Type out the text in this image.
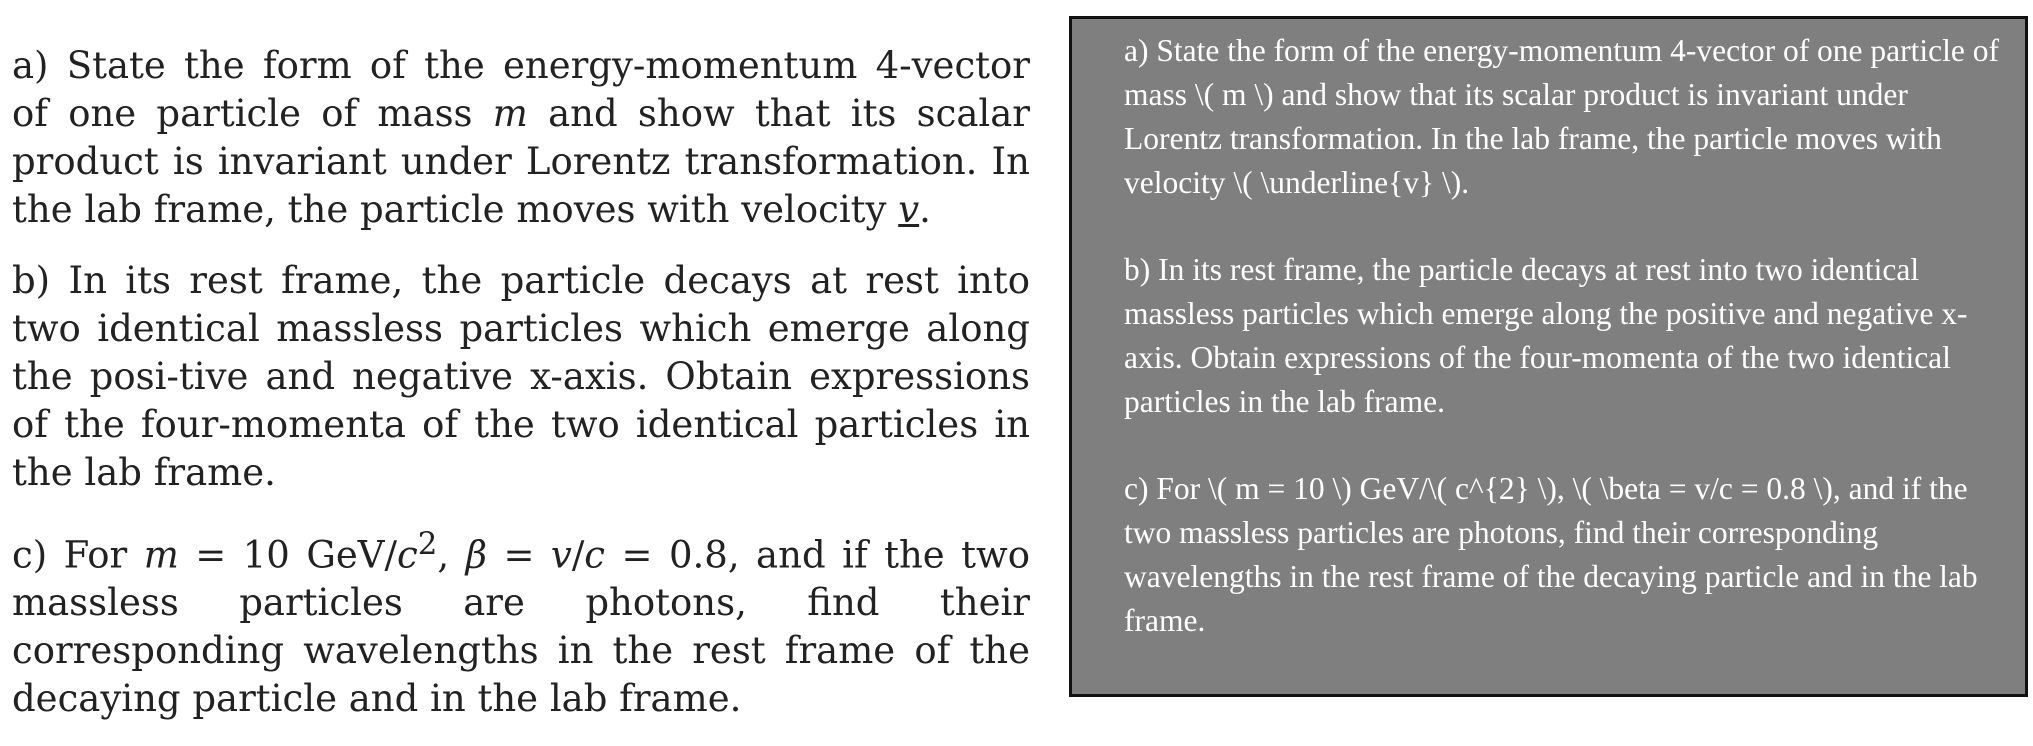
a) State the form of the energy-momentum 4-vector of one particle of mass m and show that its scalar product is invariant under Lorentz transformation. In the lab frame, the particle moves with velocity v.

b) In its rest frame, the particle decays at rest into two identical massless particles which emerge along the posi-tive and negative x-axis. Obtain expressions of the four-momenta of the two identical particles in the lab frame.

c) For m = 10 GeV/$c^2$, β = v/c = 0.8, and if the two massless particles are photons, find their corresponding wavelengths in the rest frame of the decaying particle and in the lab frame.

a) State the form of the energy-momentum 4-vector of one particle of mass \( m \) and show that its scalar product is invariant under Lorentz transformation. In the lab frame, the particle moves with velocity \( \underline{v} \).

b) In its rest frame, the particle decays at rest into two identical massless particles which emerge along the positive and negative x-axis. Obtain expressions of the four-momenta of the two identical particles in the lab frame.

c) For \( m = 10 \) GeV/\( c^{2} \), \( \beta = v/c = 0.8 \), and if the two massless particles are photons, find their corresponding wavelengths in the rest frame of the decaying particle and in the lab frame.
